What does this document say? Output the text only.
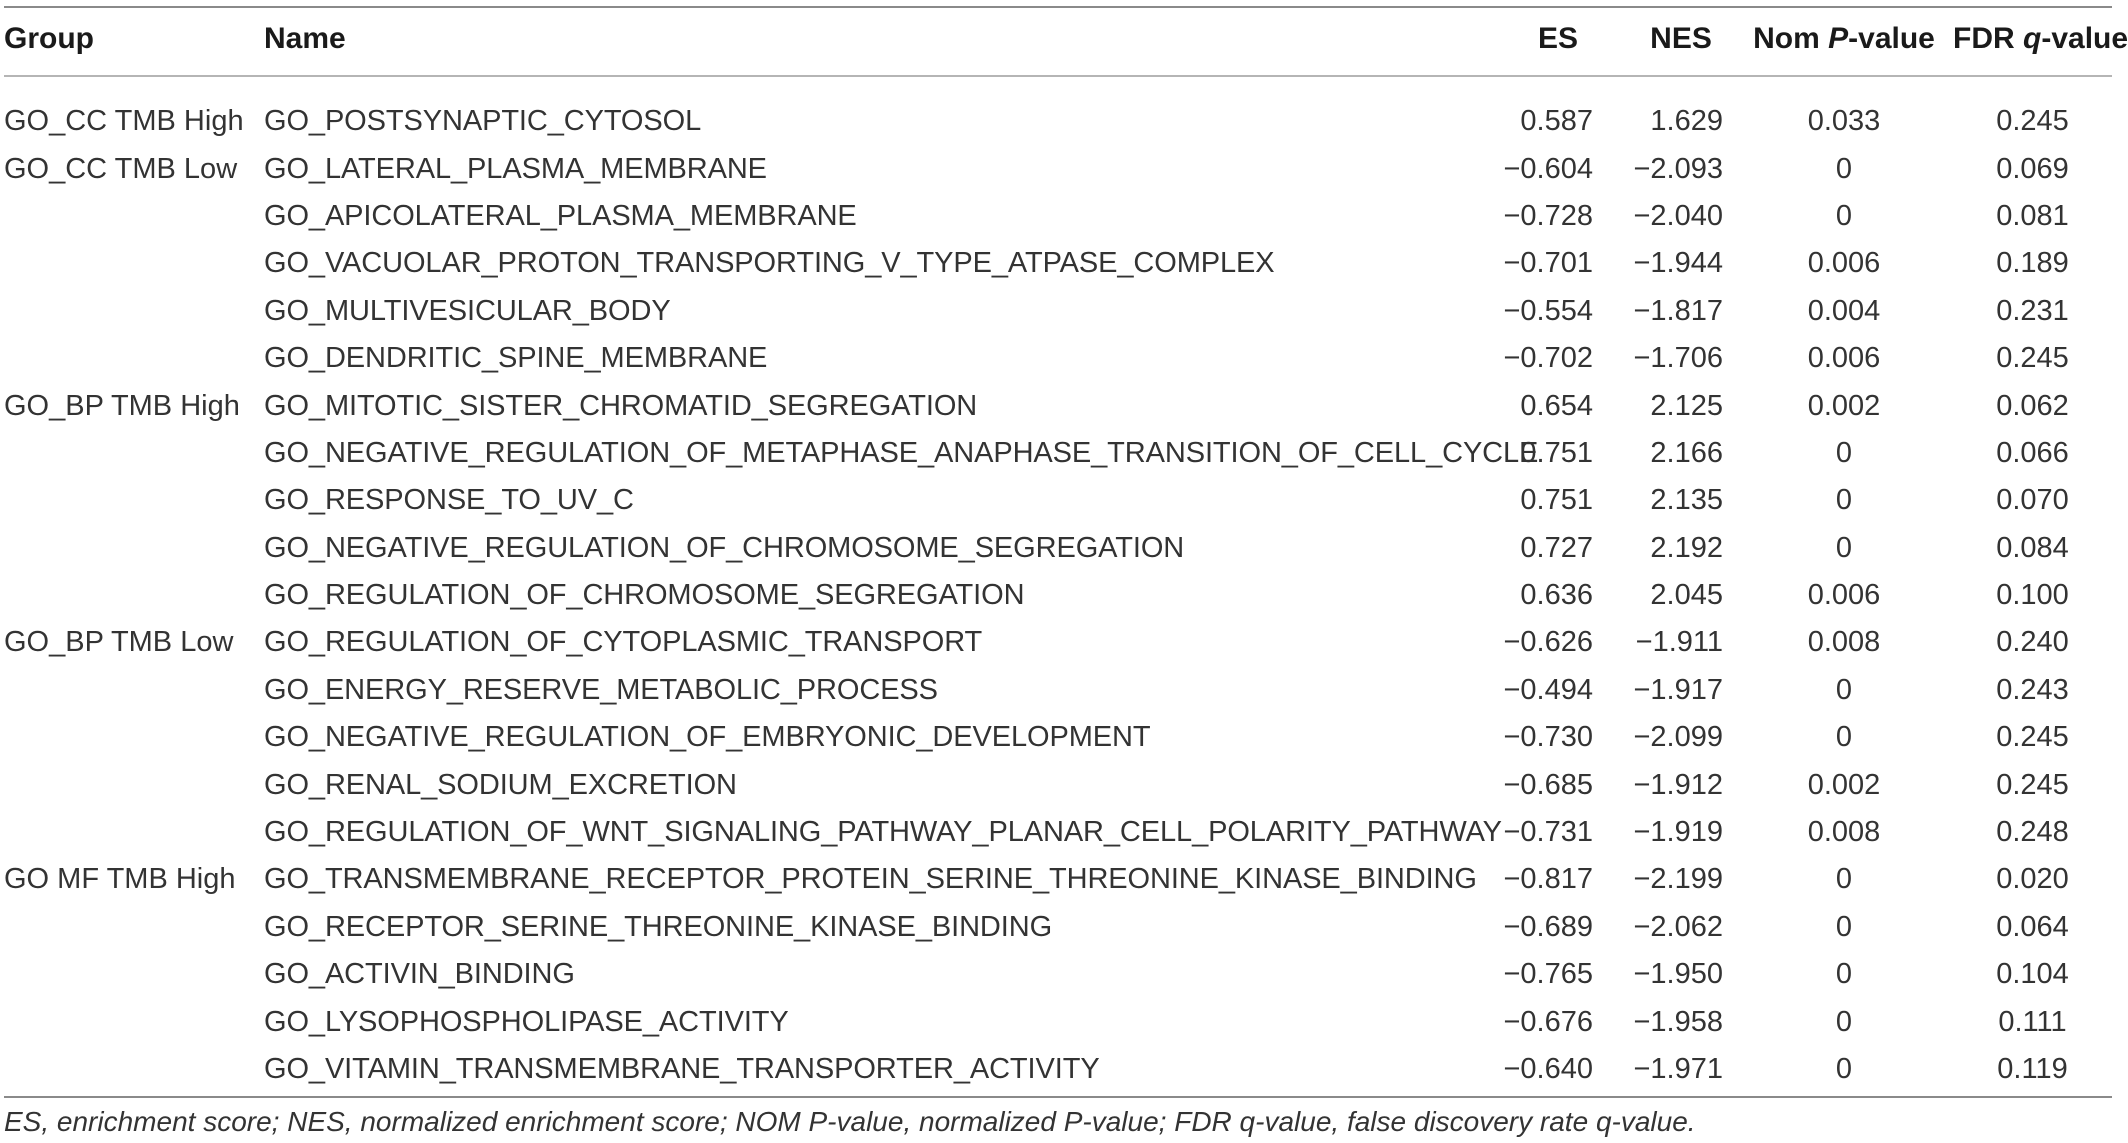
Group	Name	ES	NES	Nom P-value	FDR q-value
GO_CC TMB High	GO_POSTSYNAPTIC_CYTOSOL	0.587	1.629	0.033	0.245
GO_CC TMB Low	GO_LATERAL_PLASMA_MEMBRANE	−0.604	−2.093	0	0.069
	GO_APICOLATERAL_PLASMA_MEMBRANE	−0.728	−2.040	0	0.081
	GO_VACUOLAR_PROTON_TRANSPORTING_V_TYPE_ATPASE_COMPLEX	−0.701	−1.944	0.006	0.189
	GO_MULTIVESICULAR_BODY	−0.554	−1.817	0.004	0.231
	GO_DENDRITIC_SPINE_MEMBRANE	−0.702	−1.706	0.006	0.245
GO_BP TMB High	GO_MITOTIC_SISTER_CHROMATID_SEGREGATION	0.654	2.125	0.002	0.062
	GO_NEGATIVE_REGULATION_OF_METAPHASE_ANAPHASE_TRANSITION_OF_CELL_CYCLE	0.751	2.166	0	0.066
	GO_RESPONSE_TO_UV_C	0.751	2.135	0	0.070
	GO_NEGATIVE_REGULATION_OF_CHROMOSOME_SEGREGATION	0.727	2.192	0	0.084
	GO_REGULATION_OF_CHROMOSOME_SEGREGATION	0.636	2.045	0.006	0.100
GO_BP TMB Low	GO_REGULATION_OF_CYTOPLASMIC_TRANSPORT	−0.626	−1.911	0.008	0.240
	GO_ENERGY_RESERVE_METABOLIC_PROCESS	−0.494	−1.917	0	0.243
	GO_NEGATIVE_REGULATION_OF_EMBRYONIC_DEVELOPMENT	−0.730	−2.099	0	0.245
	GO_RENAL_SODIUM_EXCRETION	−0.685	−1.912	0.002	0.245
	GO_REGULATION_OF_WNT_SIGNALING_PATHWAY_PLANAR_CELL_POLARITY_PATHWAY	−0.731	−1.919	0.008	0.248
GO MF TMB High	GO_TRANSMEMBRANE_RECEPTOR_PROTEIN_SERINE_THREONINE_KINASE_BINDING	−0.817	−2.199	0	0.020
	GO_RECEPTOR_SERINE_THREONINE_KINASE_BINDING	−0.689	−2.062	0	0.064
	GO_ACTIVIN_BINDING	−0.765	−1.950	0	0.104
	GO_LYSOPHOSPHOLIPASE_ACTIVITY	−0.676	−1.958	0	0.111
	GO_VITAMIN_TRANSMEMBRANE_TRANSPORTER_ACTIVITY	−0.640	−1.971	0	0.119
ES, enrichment score; NES, normalized enrichment score; NOM P-value, normalized P-value; FDR q-value, false discovery rate q-value.
